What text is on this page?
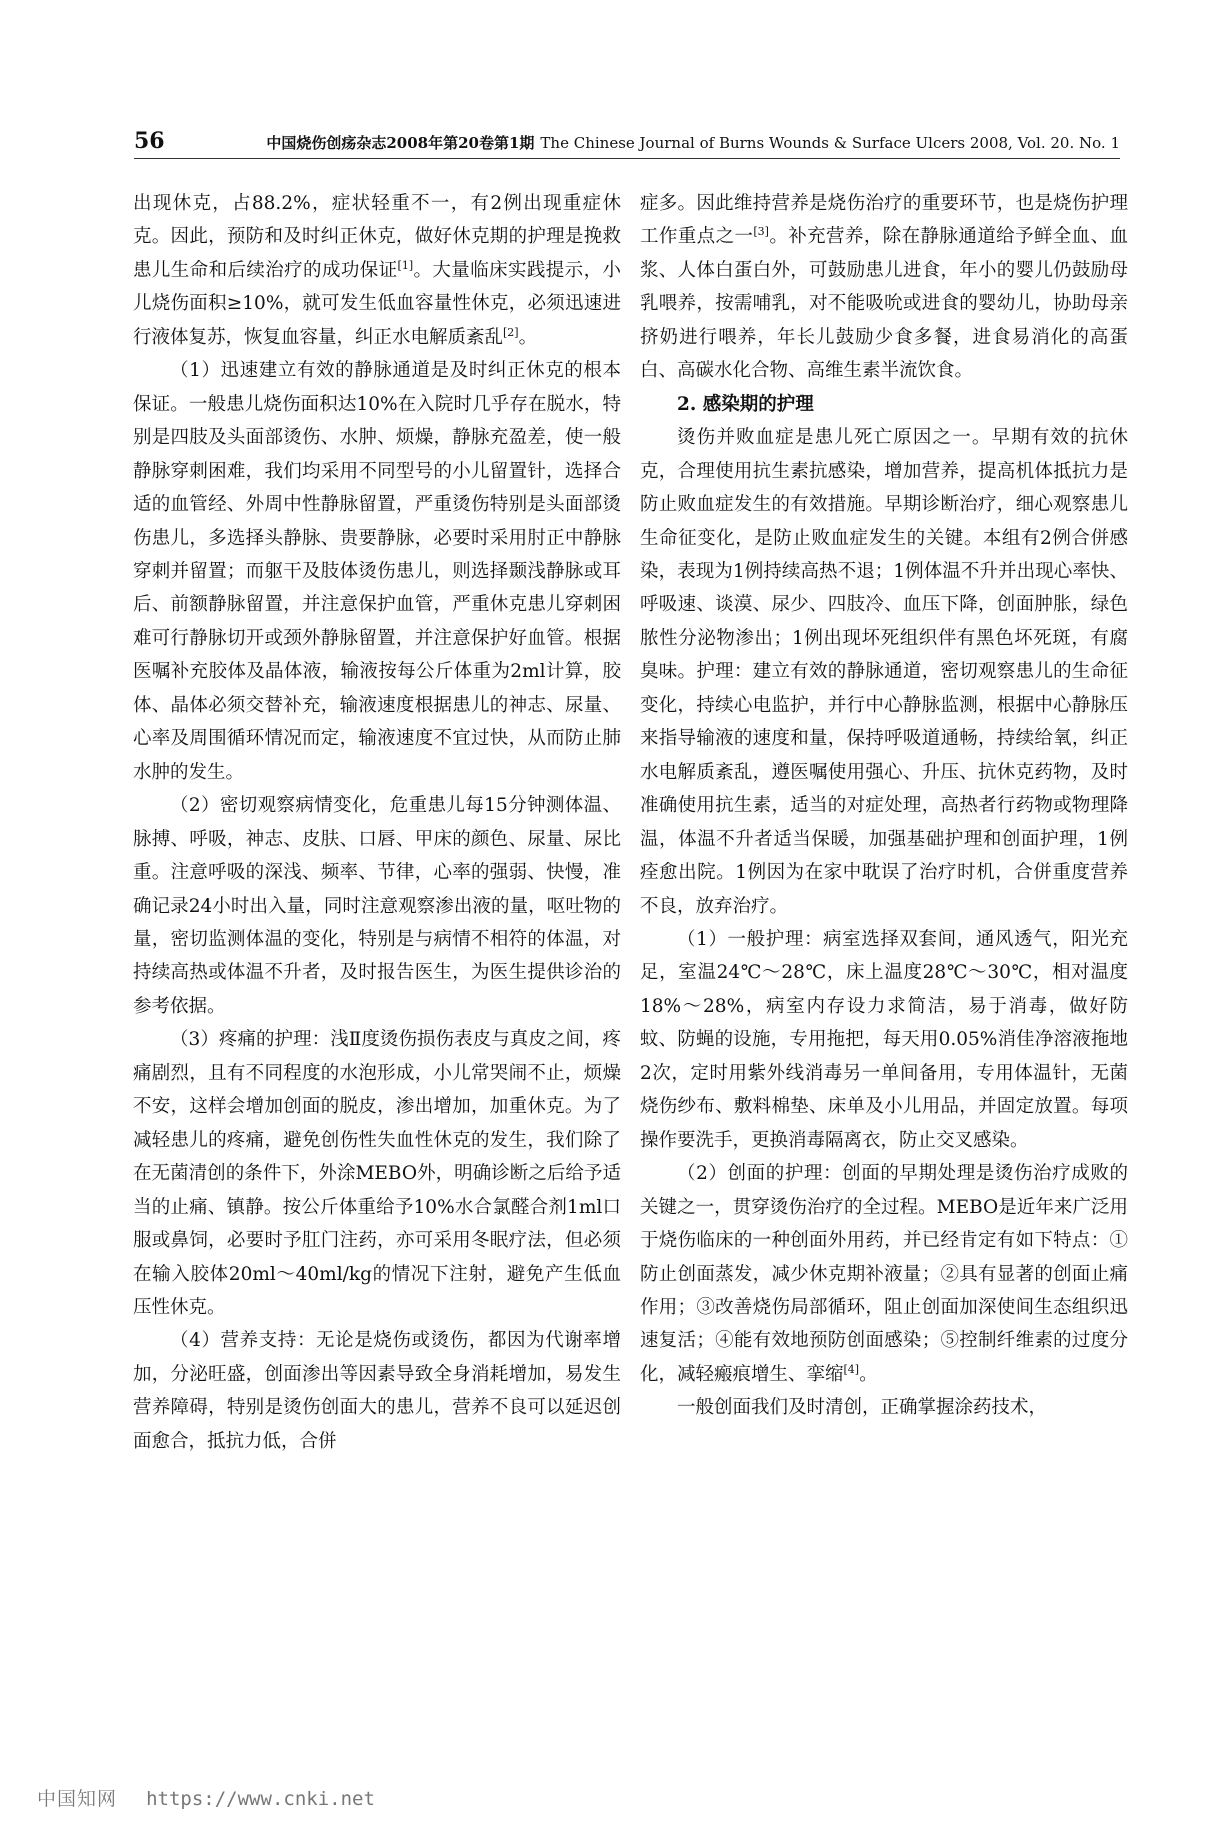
56	中国烧伤创疡杂志2008年第20卷第1期 The Chinese Journal of Burns Wounds & Surface Ulcers 2008, Vol. 20. No. 1

出现休克，占88.2%，症状轻重不一，有2例出现重症休克。因此，预防和及时纠正休克，做好休克期的护理是挽救患儿生命和后续治疗的成功保证[1]。大量临床实践提示，小儿烧伤面积≥10%，就可发生低血容量性休克，必须迅速进行液体复苏，恢复血容量，纠正水电解质紊乱[2]。

（1）迅速建立有效的静脉通道是及时纠正休克的根本保证。一般患儿烧伤面积达10%在入院时几乎存在脱水，特别是四肢及头面部烫伤、水肿、烦燥，静脉充盈差，使一般静脉穿刺困难，我们均采用不同型号的小儿留置针，选择合适的血管经、外周中性静脉留置，严重烫伤特别是头面部烫伤患儿，多选择头静脉、贵要静脉，必要时采用肘正中静脉穿刺并留置；而躯干及肢体烫伤患儿，则选择颞浅静脉或耳后、前额静脉留置，并注意保护血管，严重休克患儿穿刺困难可行静脉切开或颈外静脉留置，并注意保护好血管。根据医嘱补充胶体及晶体液，输液按每公斤体重为2ml计算，胶体、晶体必须交替补充，输液速度根据患儿的神志、尿量、心率及周围循环情况而定，输液速度不宜过快，从而防止肺水肿的发生。

（2）密切观察病情变化，危重患儿每15分钟测体温、脉搏、呼吸，神志、皮肤、口唇、甲床的颜色、尿量、尿比重。注意呼吸的深浅、频率、节律，心率的强弱、快慢，准确记录24小时出入量，同时注意观察渗出液的量，呕吐物的量，密切监测体温的变化，特别是与病情不相符的体温，对持续高热或体温不升者，及时报告医生，为医生提供诊治的参考依据。

（3）疼痛的护理：浅Ⅱ度烫伤损伤表皮与真皮之间，疼痛剧烈，且有不同程度的水泡形成，小儿常哭闹不止，烦燥不安，这样会增加创面的脱皮，渗出增加，加重休克。为了减轻患儿的疼痛，避免创伤性失血性休克的发生，我们除了在无菌清创的条件下，外涂MEBO外，明确诊断之后给予适当的止痛、镇静。按公斤体重给予10%水合氯醛合剂1ml口服或鼻饲，必要时予肛门注药，亦可采用冬眠疗法，但必须在输入胶体20ml～40ml/kg的情况下注射，避免产生低血压性休克。

（4）营养支持：无论是烧伤或烫伤，都因为代谢率增加，分泌旺盛，创面渗出等因素导致全身消耗增加，易发生营养障碍，特别是烫伤创面大的患儿，营养不良可以延迟创面愈合，抵抗力低，合併

症多。因此维持营养是烧伤治疗的重要环节，也是烧伤护理工作重点之一[3]。补充营养，除在静脉通道给予鲜全血、血浆、人体白蛋白外，可鼓励患儿进食，年小的婴儿仍鼓励母乳喂养，按需哺乳，对不能吸吮或进食的婴幼儿，协助母亲挤奶进行喂养，年长儿鼓励少食多餐，进食易消化的高蛋白、高碳水化合物、高维生素半流饮食。

2. 感染期的护理

烫伤并败血症是患儿死亡原因之一。早期有效的抗休克，合理使用抗生素抗感染，增加营养，提高机体抵抗力是防止败血症发生的有效措施。早期诊断治疗，细心观察患儿生命征变化，是防止败血症发生的关键。本组有2例合併感染，表现为1例持续高热不退；1例体温不升并出现心率快、呼吸速、谈漠、尿少、四肢冷、血压下降，创面肿胀，绿色脓性分泌物渗出；1例出现坏死组织伴有黑色坏死斑，有腐臭味。护理：建立有效的静脉通道，密切观察患儿的生命征变化，持续心电监护，并行中心静脉监测，根据中心静脉压来指导输液的速度和量，保持呼吸道通畅，持续给氧，纠正水电解质紊乱，遵医嘱使用强心、升压、抗休克药物，及时准确使用抗生素，适当的对症处理，高热者行药物或物理降温，体温不升者适当保暖，加强基础护理和创面护理，1例痊愈出院。1例因为在家中耽误了治疗时机，合併重度营养不良，放弃治疗。

（1）一般护理：病室选择双套间，通风透气，阳光充足，室温24℃～28℃，床上温度28℃～30℃，相对温度18%～28%，病室内存设力求简洁，易于消毒，做好防蚊、防蝇的设施，专用拖把，每天用0.05%消佳净溶液拖地2次，定时用紫外线消毒另一单间备用，专用体温针，无菌烧伤纱布、敷料棉垫、床单及小儿用品，并固定放置。每项操作要洗手，更换消毒隔离衣，防止交叉感染。

（2）创面的护理：创面的早期处理是烫伤治疗成败的关键之一，贯穿烫伤治疗的全过程。MEBO是近年来广泛用于烧伤临床的一种创面外用药，并已经肯定有如下特点：①防止创面蒸发，减少休克期补液量；②具有显著的创面止痛作用；③改善烧伤局部循环，阻止创面加深使间生态组织迅速复活；④能有效地预防创面感染；⑤控制纤维素的过度分化，减轻瘢痕增生、挛缩[4]。

一般创面我们及时清创，正确掌握涂药技术，

中国知网 https://www.cnki.net
